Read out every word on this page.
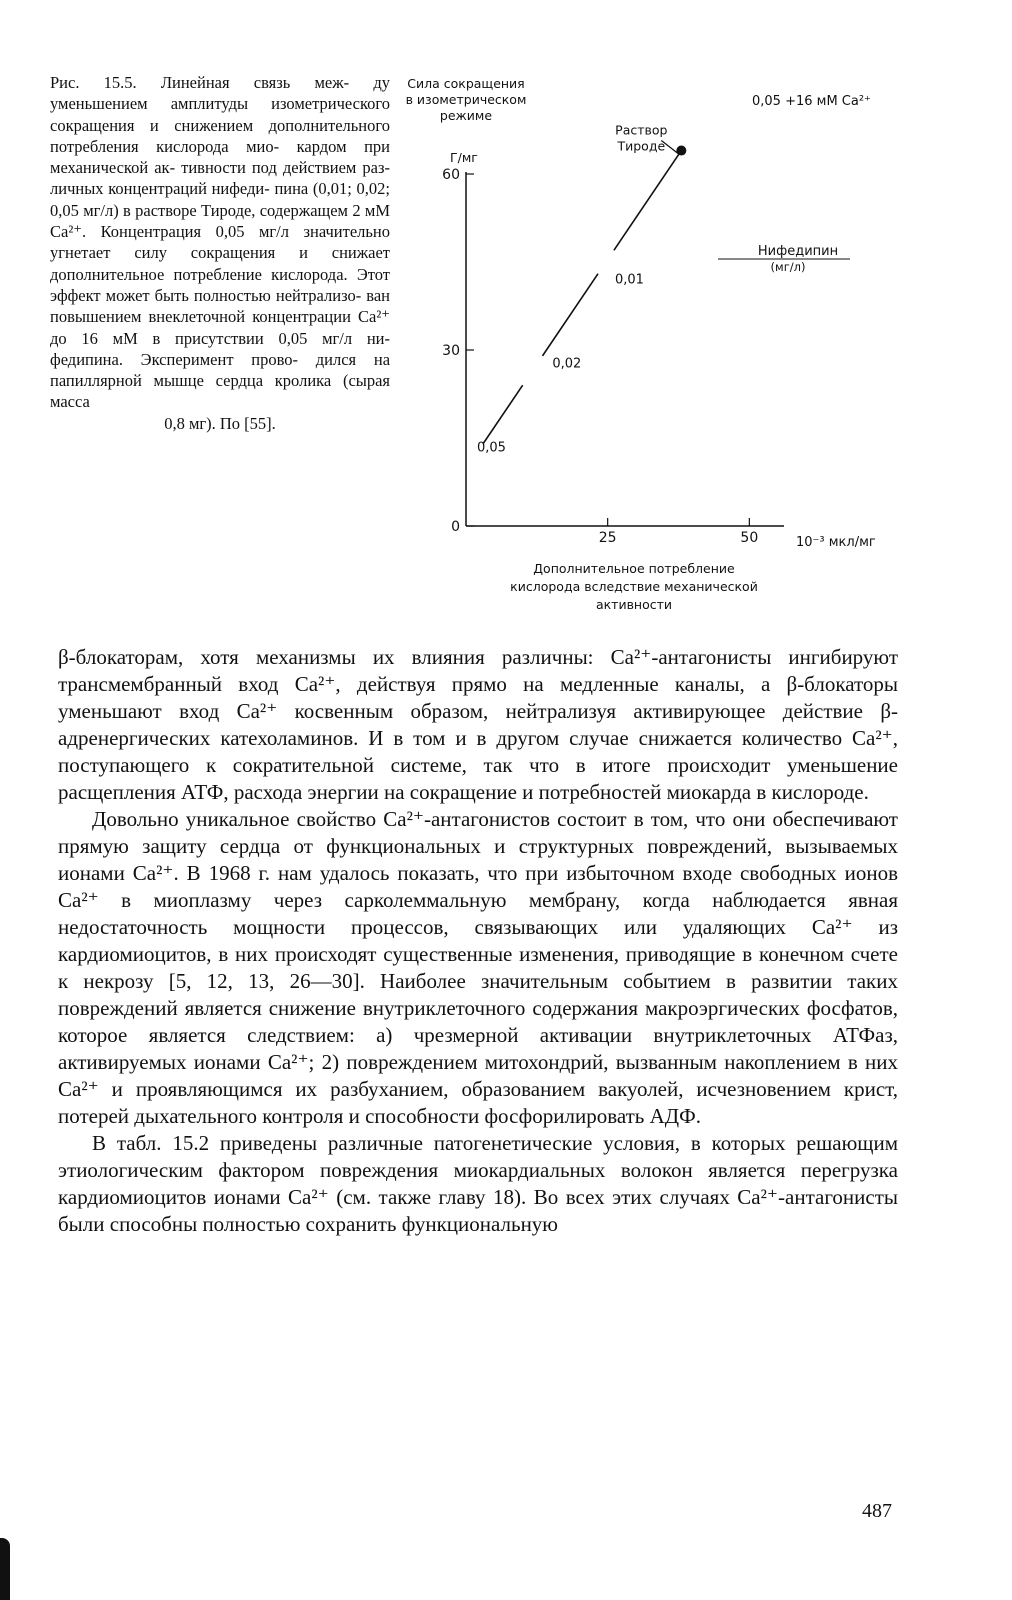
Рис. 15.5. Линейная связь меж- ду уменьшением амплитуды изометрического сокращения и снижением дополнительного потребления кислорода мио- кардом при механической ак- тивности под действием раз- личных концентраций нифеди- пина (0,01; 0,02; 0,05 мг/л) в растворе Тироде, содержащем 2 мМ Са²⁺. Концентрация 0,05 мг/л значительно угнетает силу сокращения и снижает дополнительное потребление кислорода. Этот эффект может быть полностью нейтрализо- ван повышением внеклеточной концентрации Са²⁺ до 16 мМ в присутствии 0,05 мг/л ни- федипина. Эксперимент прово- дился на папиллярной мышце сердца кролика (сырая масса
0,8 мг). По [55].
Сила сокращения
в изометрическом
режиме
Г/мг
0
30
60
25	50
0,05
0,02
0,01
Раствор Тироде
0,05 +16 мМ Са²⁺
10⁻³ мкл/мг
Нифедипин
(мг/л)
Дополнительное потребление
кислорода вследствие механической
активности

β-блокаторам, хотя механизмы их влияния различны: Са²⁺-антагонисты ингибируют трансмембранный вход Са²⁺, действуя прямо на медленные каналы, а β-блокаторы уменьшают вход Са²⁺ косвенным образом, нейтрализуя активирующее действие β-адренергических катехоламинов. И в том и в другом случае снижается количество Са²⁺, поступающего к сократительной системе, так что в итоге происходит уменьшение расщепления АТФ, расхода энергии на сокращение и потребностей миокарда в кислороде.

Довольно уникальное свойство Са²⁺-антагонистов состоит в том, что они обеспечивают прямую защиту сердца от функциональных и структурных повреждений, вызываемых ионами Са²⁺. В 1968 г. нам удалось показать, что при избыточном входе свободных ионов Са²⁺ в миоплазму через сарколеммальную мембрану, когда наблюдается явная недостаточность мощности процессов, связывающих или удаляющих Са²⁺ из кардиомиоцитов, в них происходят существенные изменения, приводящие в конечном счете к некрозу [5, 12, 13, 26—30]. Наиболее значительным событием в развитии таких повреждений является снижение внутриклеточного содержания макроэргических фосфатов, которое является следствием: а) чрезмерной активации внутриклеточных АТФаз, активируемых ионами Са²⁺; 2) повреждением митохондрий, вызванным накоплением в них Са²⁺ и проявляющимся их разбуханием, образованием вакуолей, исчезновением крист, потерей дыхательного контроля и способности фосфорилировать АДФ.

В табл. 15.2 приведены различные патогенетические условия, в которых решающим этиологическим фактором повреждения миокардиальных волокон является перегрузка кардиомиоцитов ионами Са²⁺ (см. также главу 18). Во всех этих случаях Са²⁺-антагонисты были способны полностью сохранить функциональную

487
